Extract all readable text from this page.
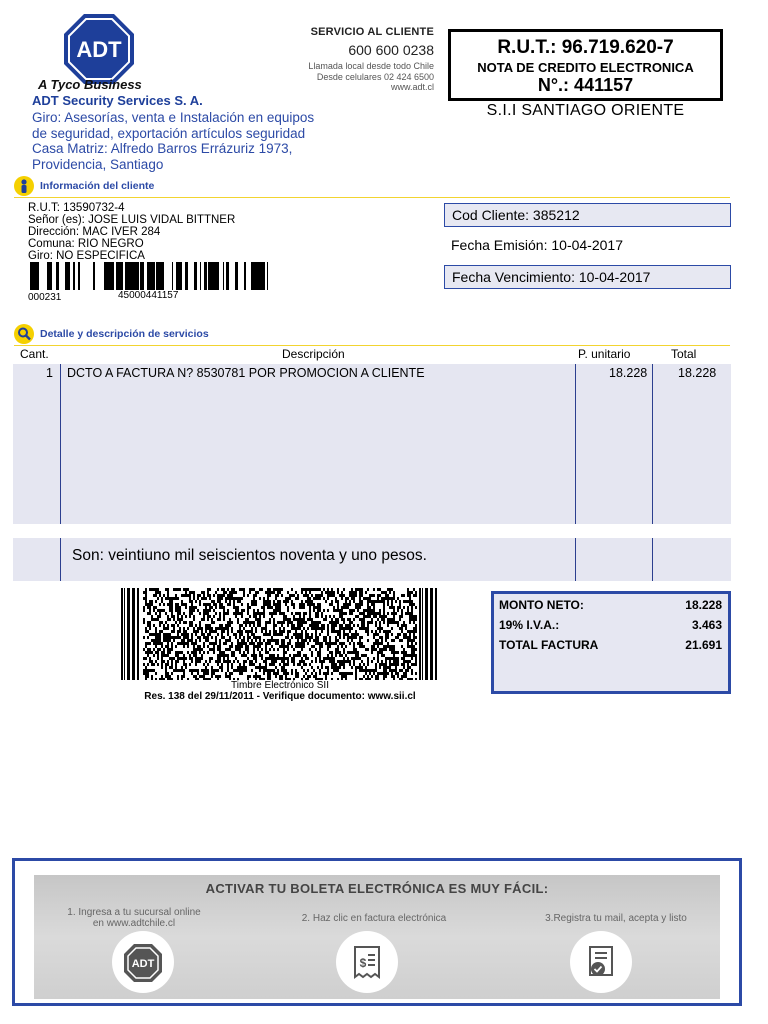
ADT
A Tyco Business
ADT Security Services S. A.
Giro: Asesorías, venta e Instalación en equipos
de seguridad, exportación artículos seguridad
Casa Matriz: Alfredo Barros Errázuriz 1973,
Providencia, Santiago
SERVICIO AL CLIENTE
600 600 0238
Llamada local desde todo Chile
Desde celulares 02 424 6500
www.adt.cl
R.U.T.: 96.719.620-7
NOTA DE CREDITO ELECTRONICA
N°.: 441157
S.I.I SANTIAGO ORIENTE
Información del cliente
R.U.T: 13590732-4
Señor (es): JOSE LUIS VIDAL BITTNER
Dirección: MAC IVER 284
Comuna: RIO NEGRO
Giro: NO ESPECIFICA
000231	45000441157
Cod Cliente: 385212
Fecha Emisión: 10-04-2017
Fecha Vencimiento: 10-04-2017
Detalle y descripción de servicios
Cant.	Descripción	P. unitario	Total
1 DCTO A FACTURA N? 8530781 POR PROMOCION A CLIENTE	18.228 18.228
Son: veintiuno mil seiscientos noventa y uno pesos.
Timbre Electrónico SII
Res. 138 del 29/11/2011 - Verifique documento: www.sii.cl
MONTO NETO:	18.228
19% I.V.A.:	3.463
TOTAL FACTURA	21.691
ACTIVAR TU BOLETA ELECTRÓNICA ES MUY FÁCIL:
1. Ingresa a tu sucursal online
en www.adtchile.cl	2. Haz clic en factura electrónica	3.Registra tu mail, acepta y listo
ADT	$
